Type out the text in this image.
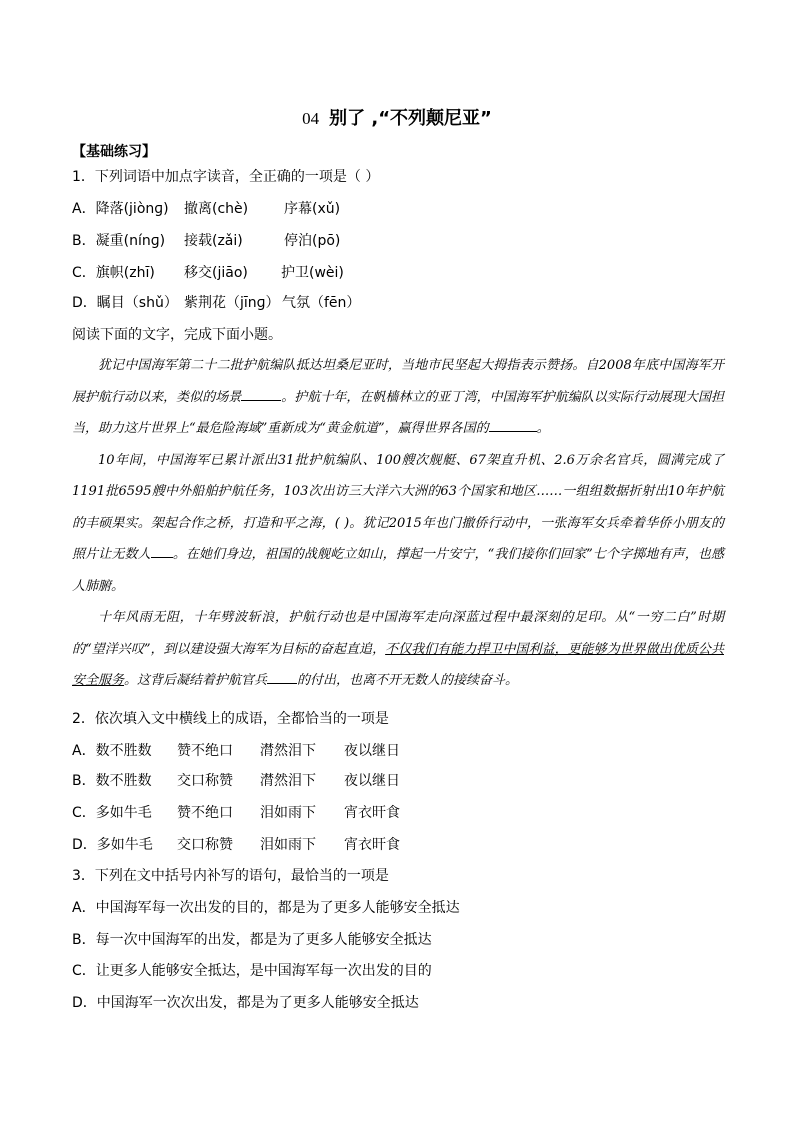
04 别了 ,“不列颠尼亚”
【基础练习】
1．下列词语中加点字读音，全正确的一项是（ ）
A．降落(jiònɡ) 撤离(chè)	序幕(xǔ)
B．凝重(nínɡ) 接载(zǎi)	停泊(pō)
C．旗帜(zhī) 移交(jiāo) 护卫(wèi)
D．瞩目（shǔ） 紫荆花（jīnɡ） 气氛（fēn）
阅读下面的文字，完成下面小题。

犹记中国海军第二十二批护航编队抵达坦桑尼亚时，当地市民坚起大拇指表示赞扬。自2008年底中国海军开展护航行动以来，类似的场景	。护航十年，在帆樯林立的亚丁湾，中国海军护航编队以实际行动展现大国担当，助力这片世界上“最危险海域”重新成为“黄金航道”，赢得世界各国的	。

10年间，中国海军已累计派出31批护航编队、100艘次舰艇、67架直升机、2.6万余名官兵，圆满完成了1191批6595艘中外船舶护航任务，103次出访三大洋六大洲的63个国家和地区……一组组数据折射出10年护航的丰硕果实。架起合作之桥，打造和平之海，( )。犹记2015年也门撤侨行动中，一张海军女兵牵着华侨小朋友的照片让无数人 。在她们身边，祖国的战舰屹立如山，撑起一片安宁，“我们接你们回家”七个字掷地有声，也感人肺腑。

十年风雨无阻，十年劈波斩浪，护航行动也是中国海军走向深蓝过程中最深刻的足印。从“一穷二白”时期的“望洋兴叹”，到以建设强大海军为目标的奋起直追，不仅我们有能力捍卫中国利益，更能够为世界做出优质公共安全服务。这背后凝结着护航官兵 的付出，也离不开无数人的接续奋斗。

2．依次填入文中横线上的成语，全都恰当的一项是
A．数不胜数 赞不绝口 潸然泪下 夜以继日
B．数不胜数 交口称赞 潸然泪下 夜以继日
C．多如牛毛 赞不绝口 泪如雨下 宵衣旰食
D．多如牛毛 交口称赞 泪如雨下 宵衣旰食
3．下列在文中括号内补写的语句，最恰当的一项是
A．中国海军每一次出发的目的，都是为了更多人能够安全抵达
B．每一次中国海军的出发，都是为了更多人能够安全抵达
C．让更多人能够安全抵达，是中国海军每一次出发的目的
D．中国海军一次次出发，都是为了更多人能够安全抵达
